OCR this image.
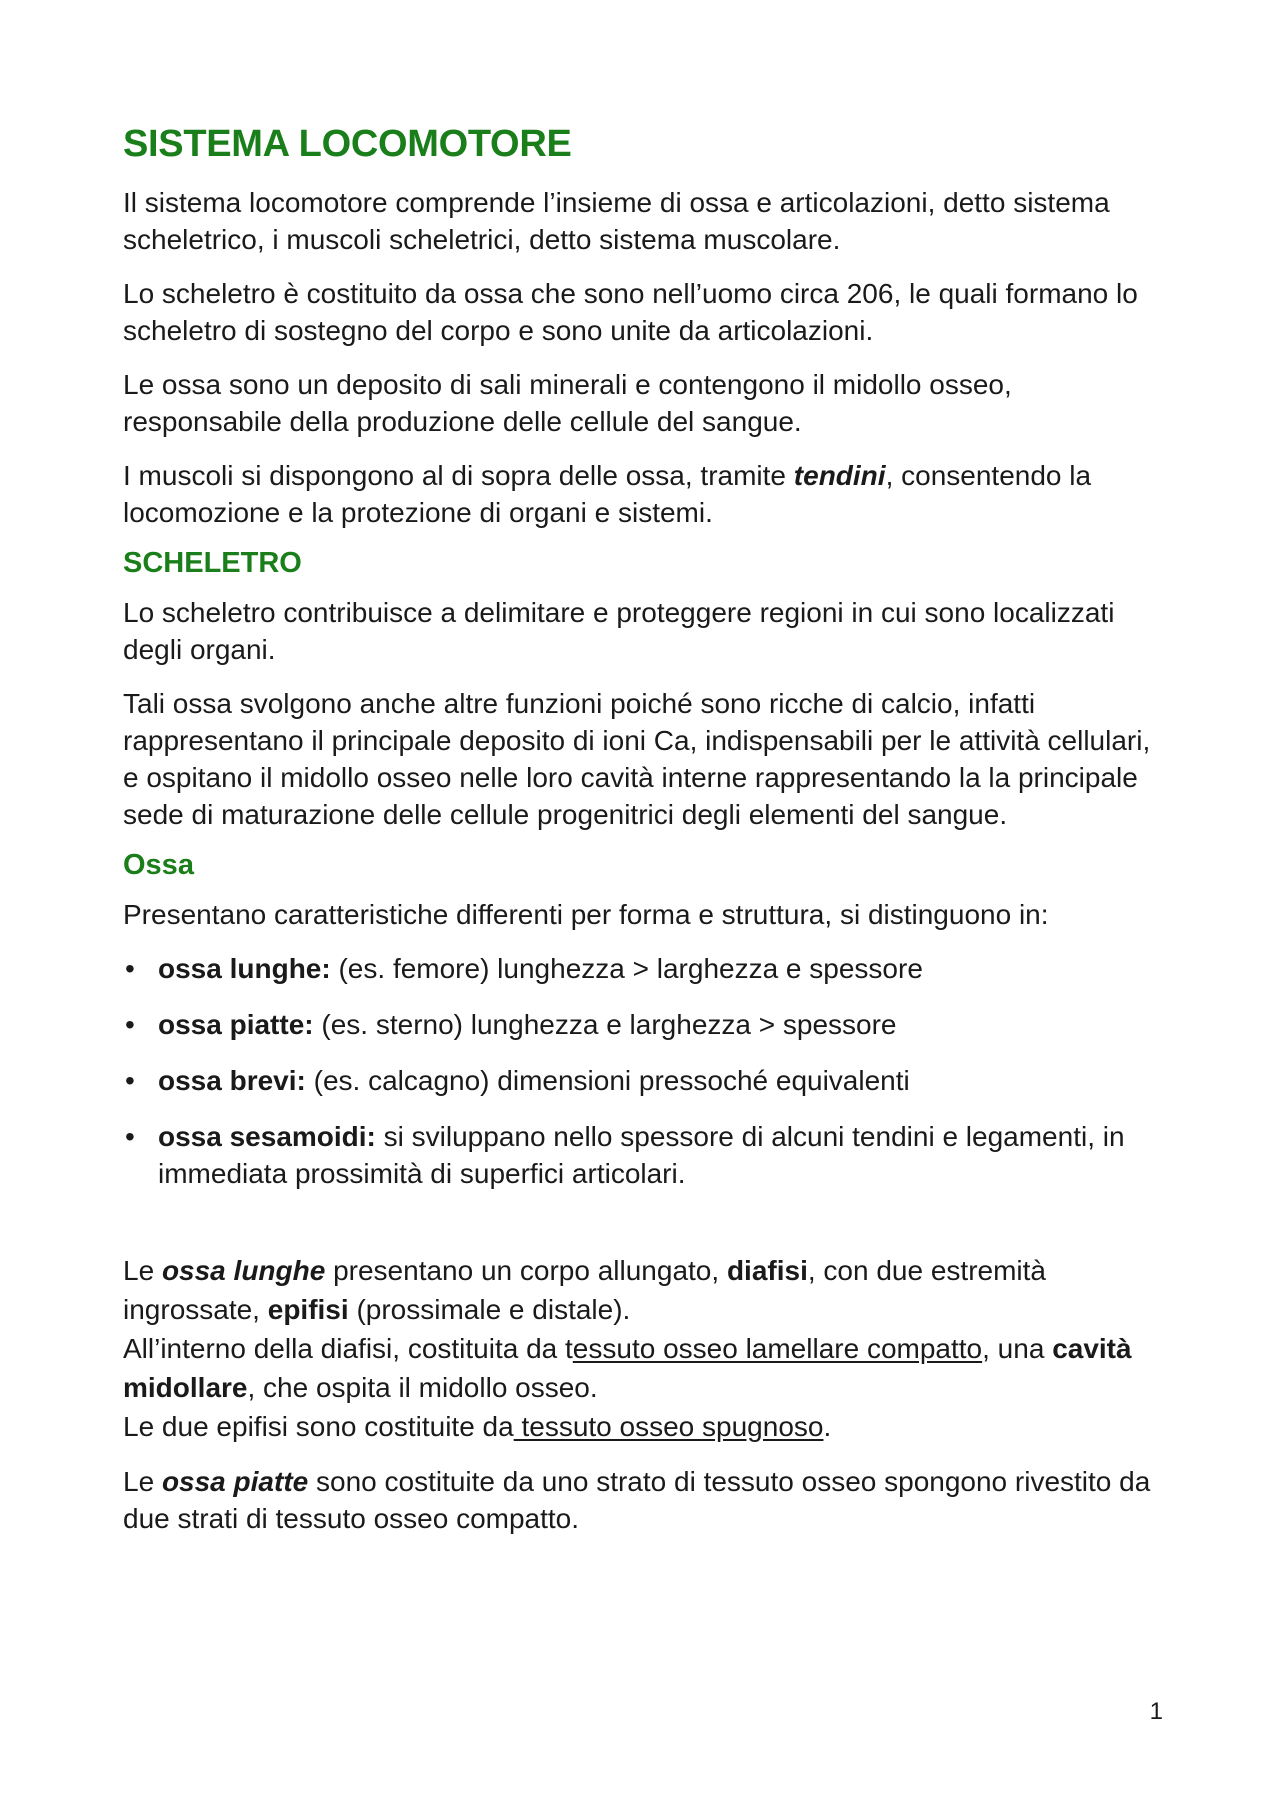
SISTEMA LOCOMOTORE

Il sistema locomotore comprende l’insieme di ossa e articolazioni, detto sistema scheletrico, i muscoli scheletrici, detto sistema muscolare.

Lo scheletro è costituito da ossa che sono nell’uomo circa 206, le quali formano lo scheletro di sostegno del corpo e sono unite da articolazioni.

Le ossa sono un deposito di sali minerali e contengono il midollo osseo, responsabile della produzione delle cellule del sangue.

I muscoli si dispongono al di sopra delle ossa, tramite tendini, consentendo la locomozione e la protezione di organi e sistemi.

SCHELETRO

Lo scheletro contribuisce a delimitare e proteggere regioni in cui sono localizzati degli organi.

Tali ossa svolgono anche altre funzioni poiché sono ricche di calcio, infatti rappresentano il principale deposito di ioni Ca, indispensabili per le attività cellulari, e ospitano il midollo osseo nelle loro cavità interne rappresentando la la principale sede di maturazione delle cellule progenitrici degli elementi del sangue.

Ossa

Presentano caratteristiche differenti per forma e struttura, si distinguono in:

• ossa lunghe: (es. femore) lunghezza > larghezza e spessore
• ossa piatte: (es. sterno) lunghezza e larghezza > spessore
• ossa brevi: (es. calcagno) dimensioni pressoché equivalenti
• ossa sesamoidi: si sviluppano nello spessore di alcuni tendini e legamenti, in immediata prossimità di superfici articolari.

Le ossa lunghe presentano un corpo allungato, diafisi, con due estremità ingrossate, epifisi (prossimale e distale).
All’interno della diafisi, costituita da tessuto osseo lamellare compatto, una cavità midollare, che ospita il midollo osseo.
Le due epifisi sono costituite da tessuto osseo spugnoso.

Le ossa piatte sono costituite da uno strato di tessuto osseo spongono rivestito da due strati di tessuto osseo compatto.

1
